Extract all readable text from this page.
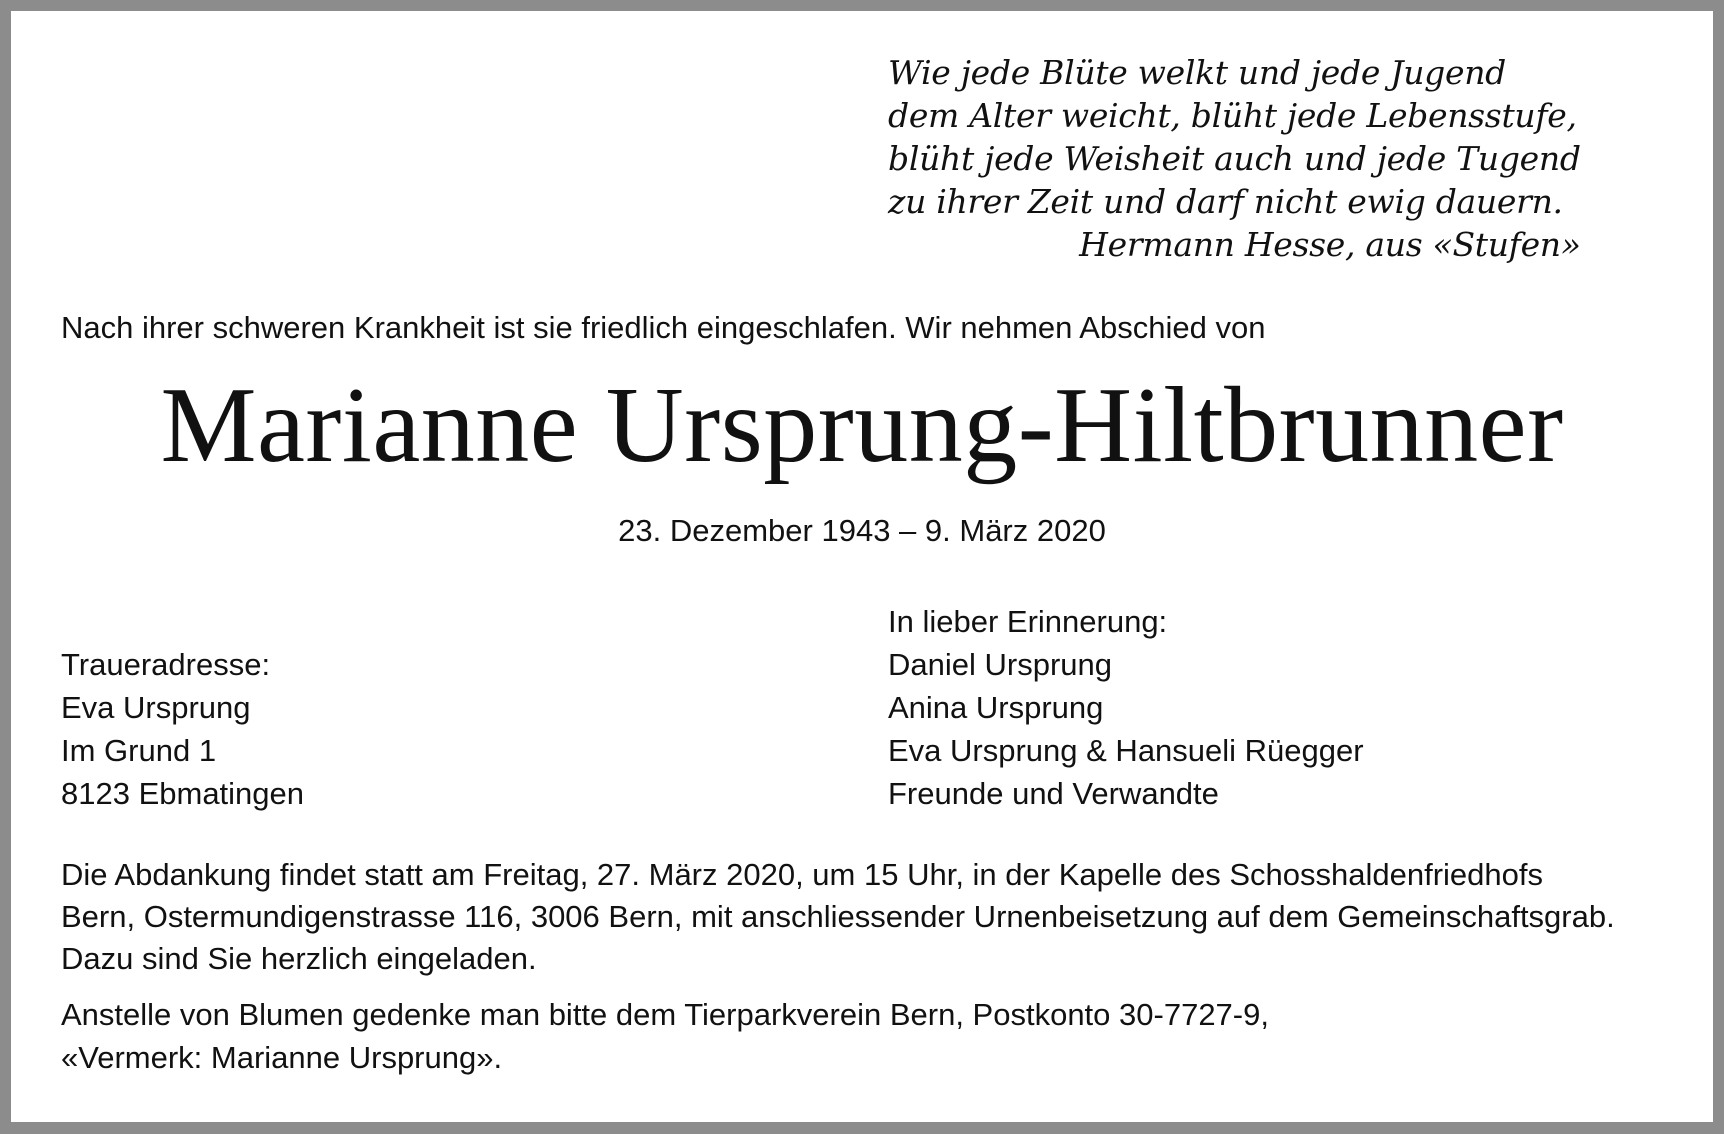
Wie jede Blüte welkt und jede Jugend
dem Alter weicht, blüht jede Lebensstufe,
blüht jede Weisheit auch und jede Tugend
zu ihrer Zeit und darf nicht ewig dauern.
Hermann Hesse, aus «Stufen»
Nach ihrer schweren Krankheit ist sie friedlich eingeschlafen. Wir nehmen Abschied von
Marianne Ursprung-Hiltbrunner
23. Dezember 1943 – 9. März 2020
Traueradresse:
Eva Ursprung
Im Grund 1
8123 Ebmatingen
In lieber Erinnerung:
Daniel Ursprung
Anina Ursprung
Eva Ursprung & Hansueli Rüegger
Freunde und Verwandte
Die Abdankung findet statt am Freitag, 27. März 2020, um 15 Uhr, in der Kapelle des Schosshaldenfriedhofs
Bern, Ostermundigenstrasse 116, 3006 Bern, mit anschliessender Urnenbeisetzung auf dem Gemeinschaftsgrab.
Dazu sind Sie herzlich eingeladen.
Anstelle von Blumen gedenke man bitte dem Tierparkverein Bern, Postkonto 30-7727-9,
«Vermerk: Marianne Ursprung».
